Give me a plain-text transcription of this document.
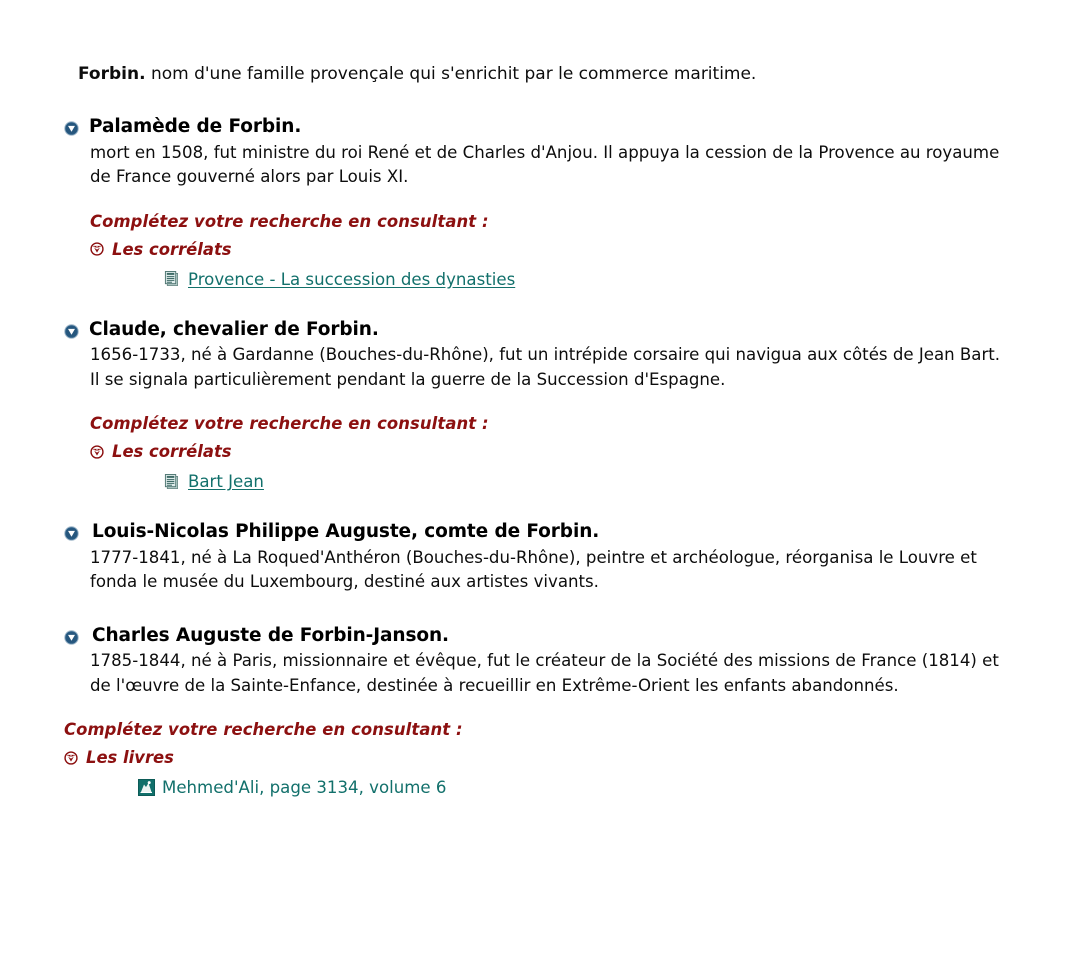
Forbin. nom d'une famille provençale qui s'enrichit par le commerce maritime.

Palamède de Forbin.
mort en 1508, fut ministre du roi René et de Charles d'Anjou. Il appuya la cession de la Provence au royaume de France gouverné alors par Louis XI.
Complétez votre recherche en consultant :
Les corrélats
Provence - La succession des dynasties
Claude, chevalier de Forbin.
1656-1733, né à Gardanne (Bouches-du-Rhône), fut un intrépide corsaire qui navigua aux côtés de Jean Bart. Il se signala particulièrement pendant la guerre de la Succession d'Espagne.
Complétez votre recherche en consultant :
Les corrélats
Bart Jean
Louis-Nicolas Philippe Auguste, comte de Forbin.
1777-1841, né à La Roqued'Anthéron (Bouches-du-Rhône), peintre et archéologue, réorganisa le Louvre et fonda le musée du Luxembourg, destiné aux artistes vivants.
Charles Auguste de Forbin-Janson.
1785-1844, né à Paris, missionnaire et évêque, fut le créateur de la Société des missions de France (1814) et de l'œuvre de la Sainte-Enfance, destinée à recueillir en Extrême-Orient les enfants abandonnés.
Complétez votre recherche en consultant :
Les livres
Mehmed'Ali, page 3134, volume 6
